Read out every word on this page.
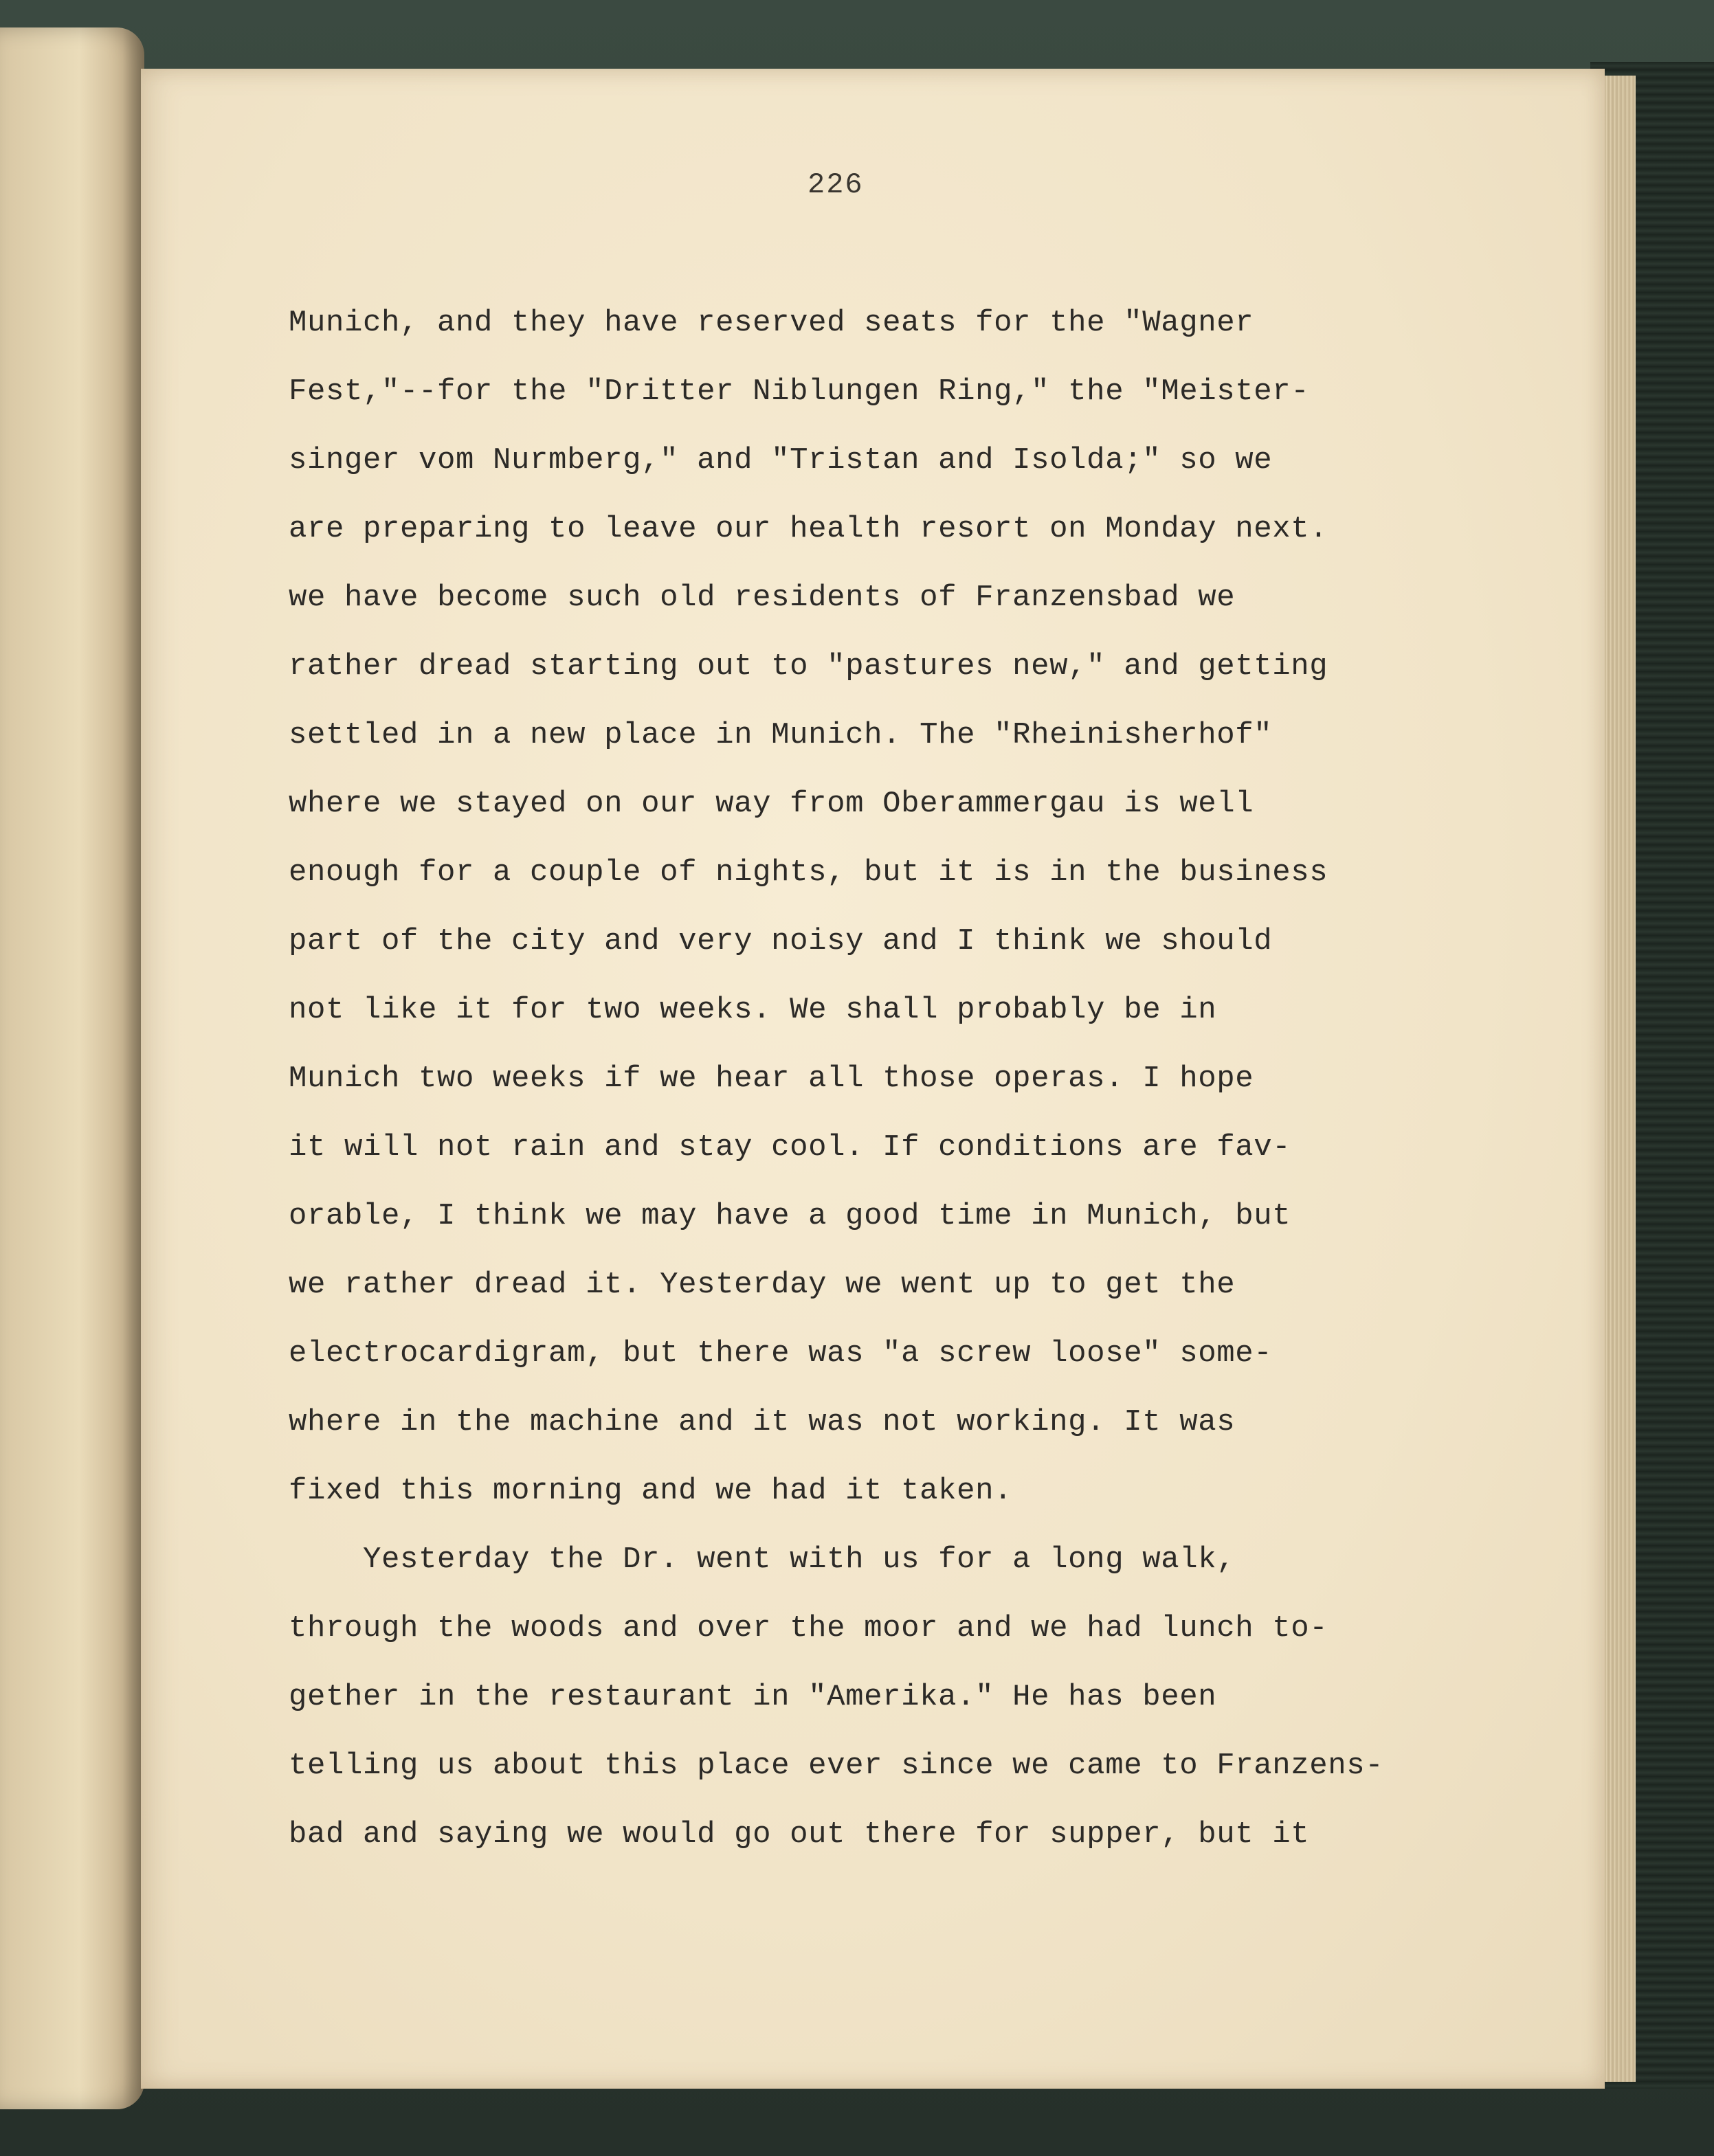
226
Munich, and they have reserved seats for the "Wagner
Fest,"--for the "Dritter Niblungen Ring," the "Meister-
singer vom Nurmberg," and "Tristan and Isolda;" so we
are preparing to leave our health resort on Monday next.
we have become such old residents of Franzensbad we
rather dread starting out to "pastures new," and getting
settled in a new place in Munich. The "Rheinisherhof"
where we stayed on our way from Oberammergau is well
enough for a couple of nights, but it is in the business
part of the city and very noisy and I think we should
not like it for two weeks. We shall probably be in
Munich two weeks if we hear all those operas. I hope
it will not rain and stay cool. If conditions are fav-
orable, I think we may have a good time in Munich, but
we rather dread it. Yesterday we went up to get the
electrocardigram, but there was "a screw loose" some-
where in the machine and it was not working. It was
fixed this morning and we had it taken.
Yesterday the Dr. went with us for a long walk,
through the woods and over the moor and we had lunch to-
gether in the restaurant in "Amerika." He has been
telling us about this place ever since we came to Franzens-
bad and saying we would go out there for supper, but it
